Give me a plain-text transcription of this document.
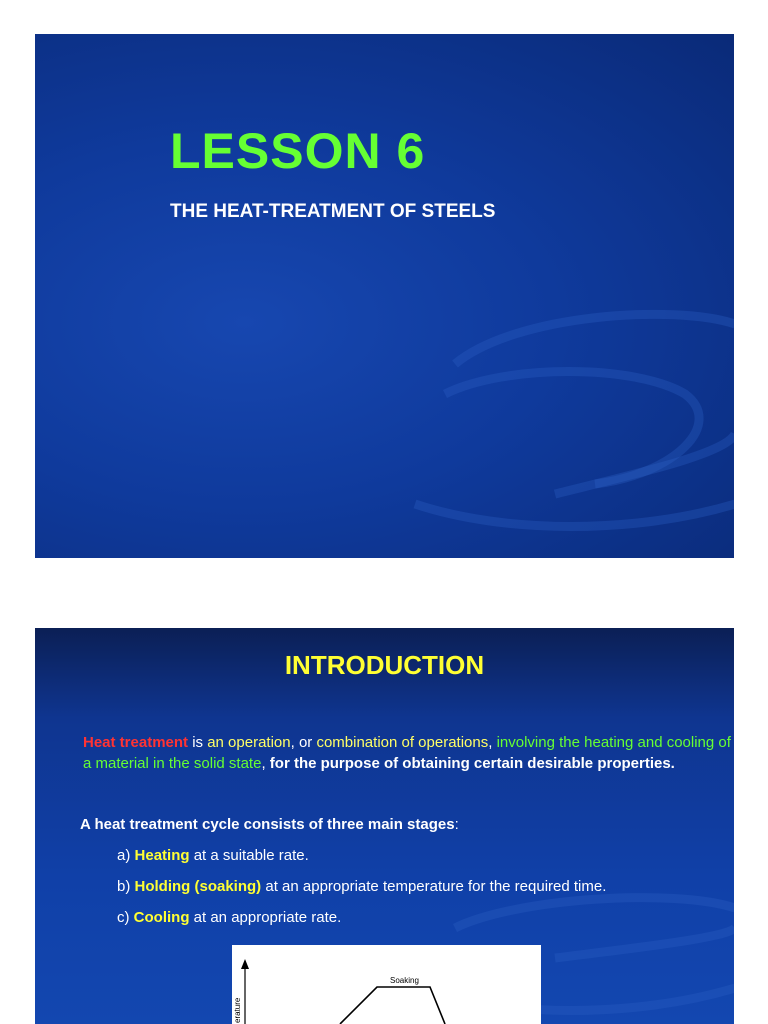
LESSON 6
THE HEAT-TREATMENT OF STEELS
INTRODUCTION

Heat treatment is an operation, or combination of operations, involving the heating and cooling of a material in the solid state, for the purpose of obtaining certain desirable properties.

A heat treatment cycle consists of three main stages:

a) Heating at a suitable rate.

b) Holding (soaking) at an appropriate temperature for the required time.

c) Cooling at an appropriate rate.

erature
Soaking
